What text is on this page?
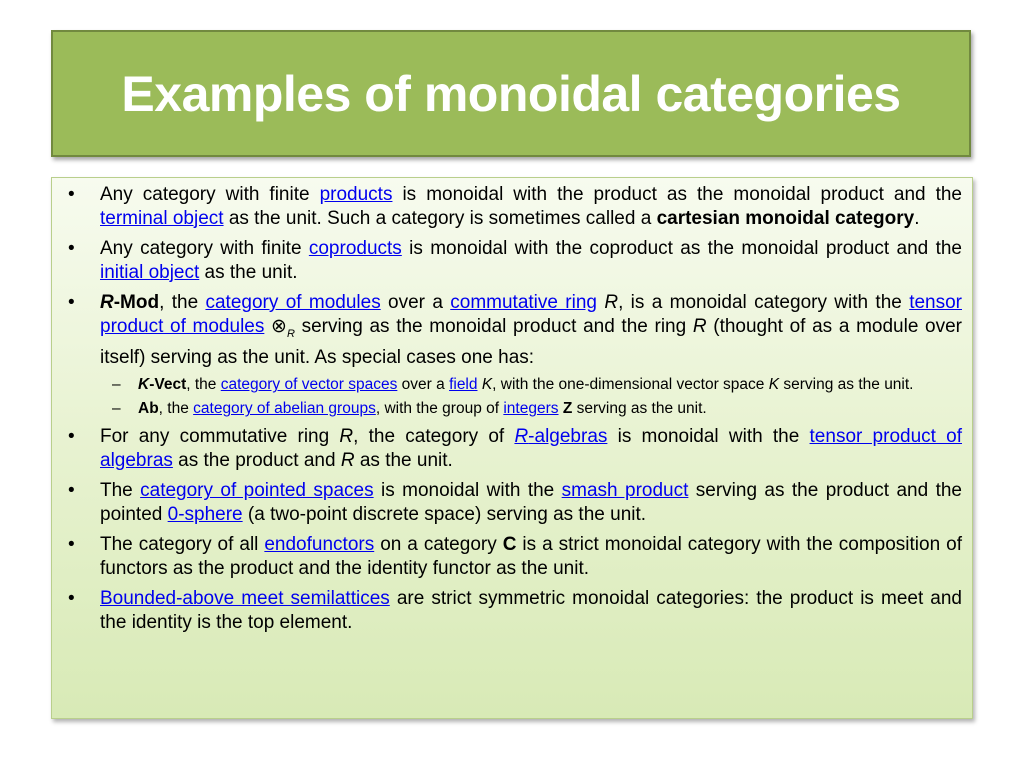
Examples of monoidal categories
• Any category with finite products is monoidal with the product as the monoidal product and the terminal object as the unit. Such a category is sometimes called a cartesian monoidal category.
• Any category with finite coproducts is monoidal with the coproduct as the monoidal product and the initial object as the unit.
• R-Mod, the category of modules over a commutative ring R, is a monoidal category with the tensor product of modules $\otimes_R$ serving as the monoidal product and the ring R (thought of as a module over itself) serving as the unit. As special cases one has:
– K-Vect, the category of vector spaces over a field K, with the one-dimensional vector space K serving as the unit.
– Ab, the category of abelian groups, with the group of integers Z serving as the unit.
• For any commutative ring R, the category of R-algebras is monoidal with the tensor product of algebras as the product and R as the unit.
• The category of pointed spaces is monoidal with the smash product serving as the product and the pointed 0-sphere (a two-point discrete space) serving as the unit.
• The category of all endofunctors on a category C is a strict monoidal category with the composition of functors as the product and the identity functor as the unit.
• Bounded-above meet semilattices are strict symmetric monoidal categories: the product is meet and the identity is the top element.
